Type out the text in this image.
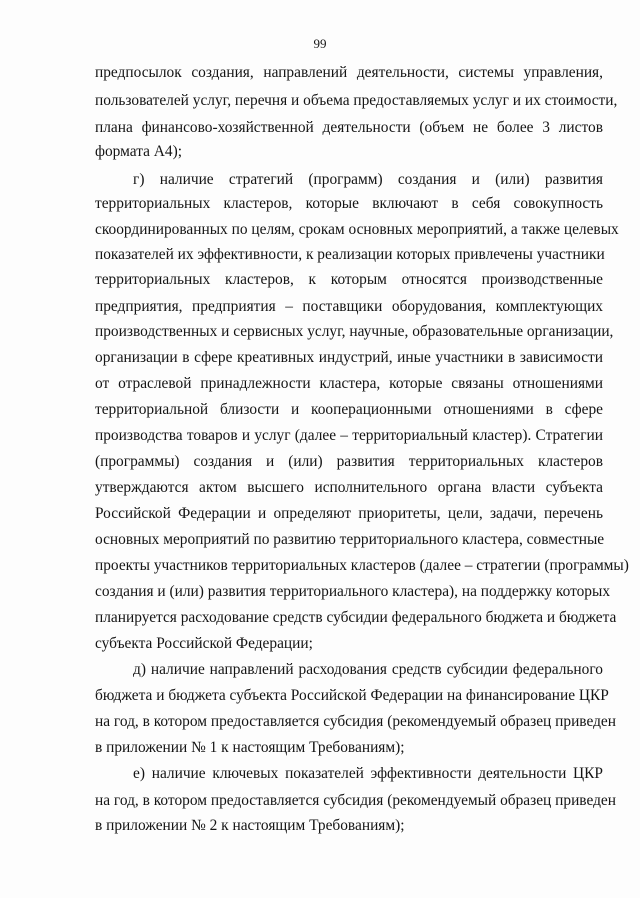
99
предпосылок создания, направлений деятельности, системы управления,
пользователей услуг, перечня и объема предоставляемых услуг и их стоимости,
плана финансово-хозяйственной деятельности (объем не более 3 листов
формата А4);
г) наличие стратегий (программ) создания и (или) развития
территориальных кластеров, которые включают в себя совокупность
скоординированных по целям, срокам основных мероприятий, а также целевых
показателей их эффективности, к реализации которых привлечены участники
территориальных кластеров, к которым относятся производственные
предприятия, предприятия – поставщики оборудования, комплектующих
производственных и сервисных услуг, научные, образовательные организации,
организации в сфере креативных индустрий, иные участники в зависимости
от отраслевой принадлежности кластера, которые связаны отношениями
территориальной близости и кооперационными отношениями в сфере
производства товаров и услуг (далее – территориальный кластер). Стратегии
(программы) создания и (или) развития территориальных кластеров
утверждаются актом высшего исполнительного органа власти субъекта
Российской Федерации и определяют приоритеты, цели, задачи, перечень
основных мероприятий по развитию территориального кластера, совместные
проекты участников территориальных кластеров (далее – стратегии (программы)
создания и (или) развития территориального кластера), на поддержку которых
планируется расходование средств субсидии федерального бюджета и бюджета
субъекта Российской Федерации;
д) наличие направлений расходования средств субсидии федерального
бюджета и бюджета субъекта Российской Федерации на финансирование ЦКР
на год, в котором предоставляется субсидия (рекомендуемый образец приведен
в приложении № 1 к настоящим Требованиям);
е) наличие ключевых показателей эффективности деятельности ЦКР
на год, в котором предоставляется субсидия (рекомендуемый образец приведен
в приложении № 2 к настоящим Требованиям);
